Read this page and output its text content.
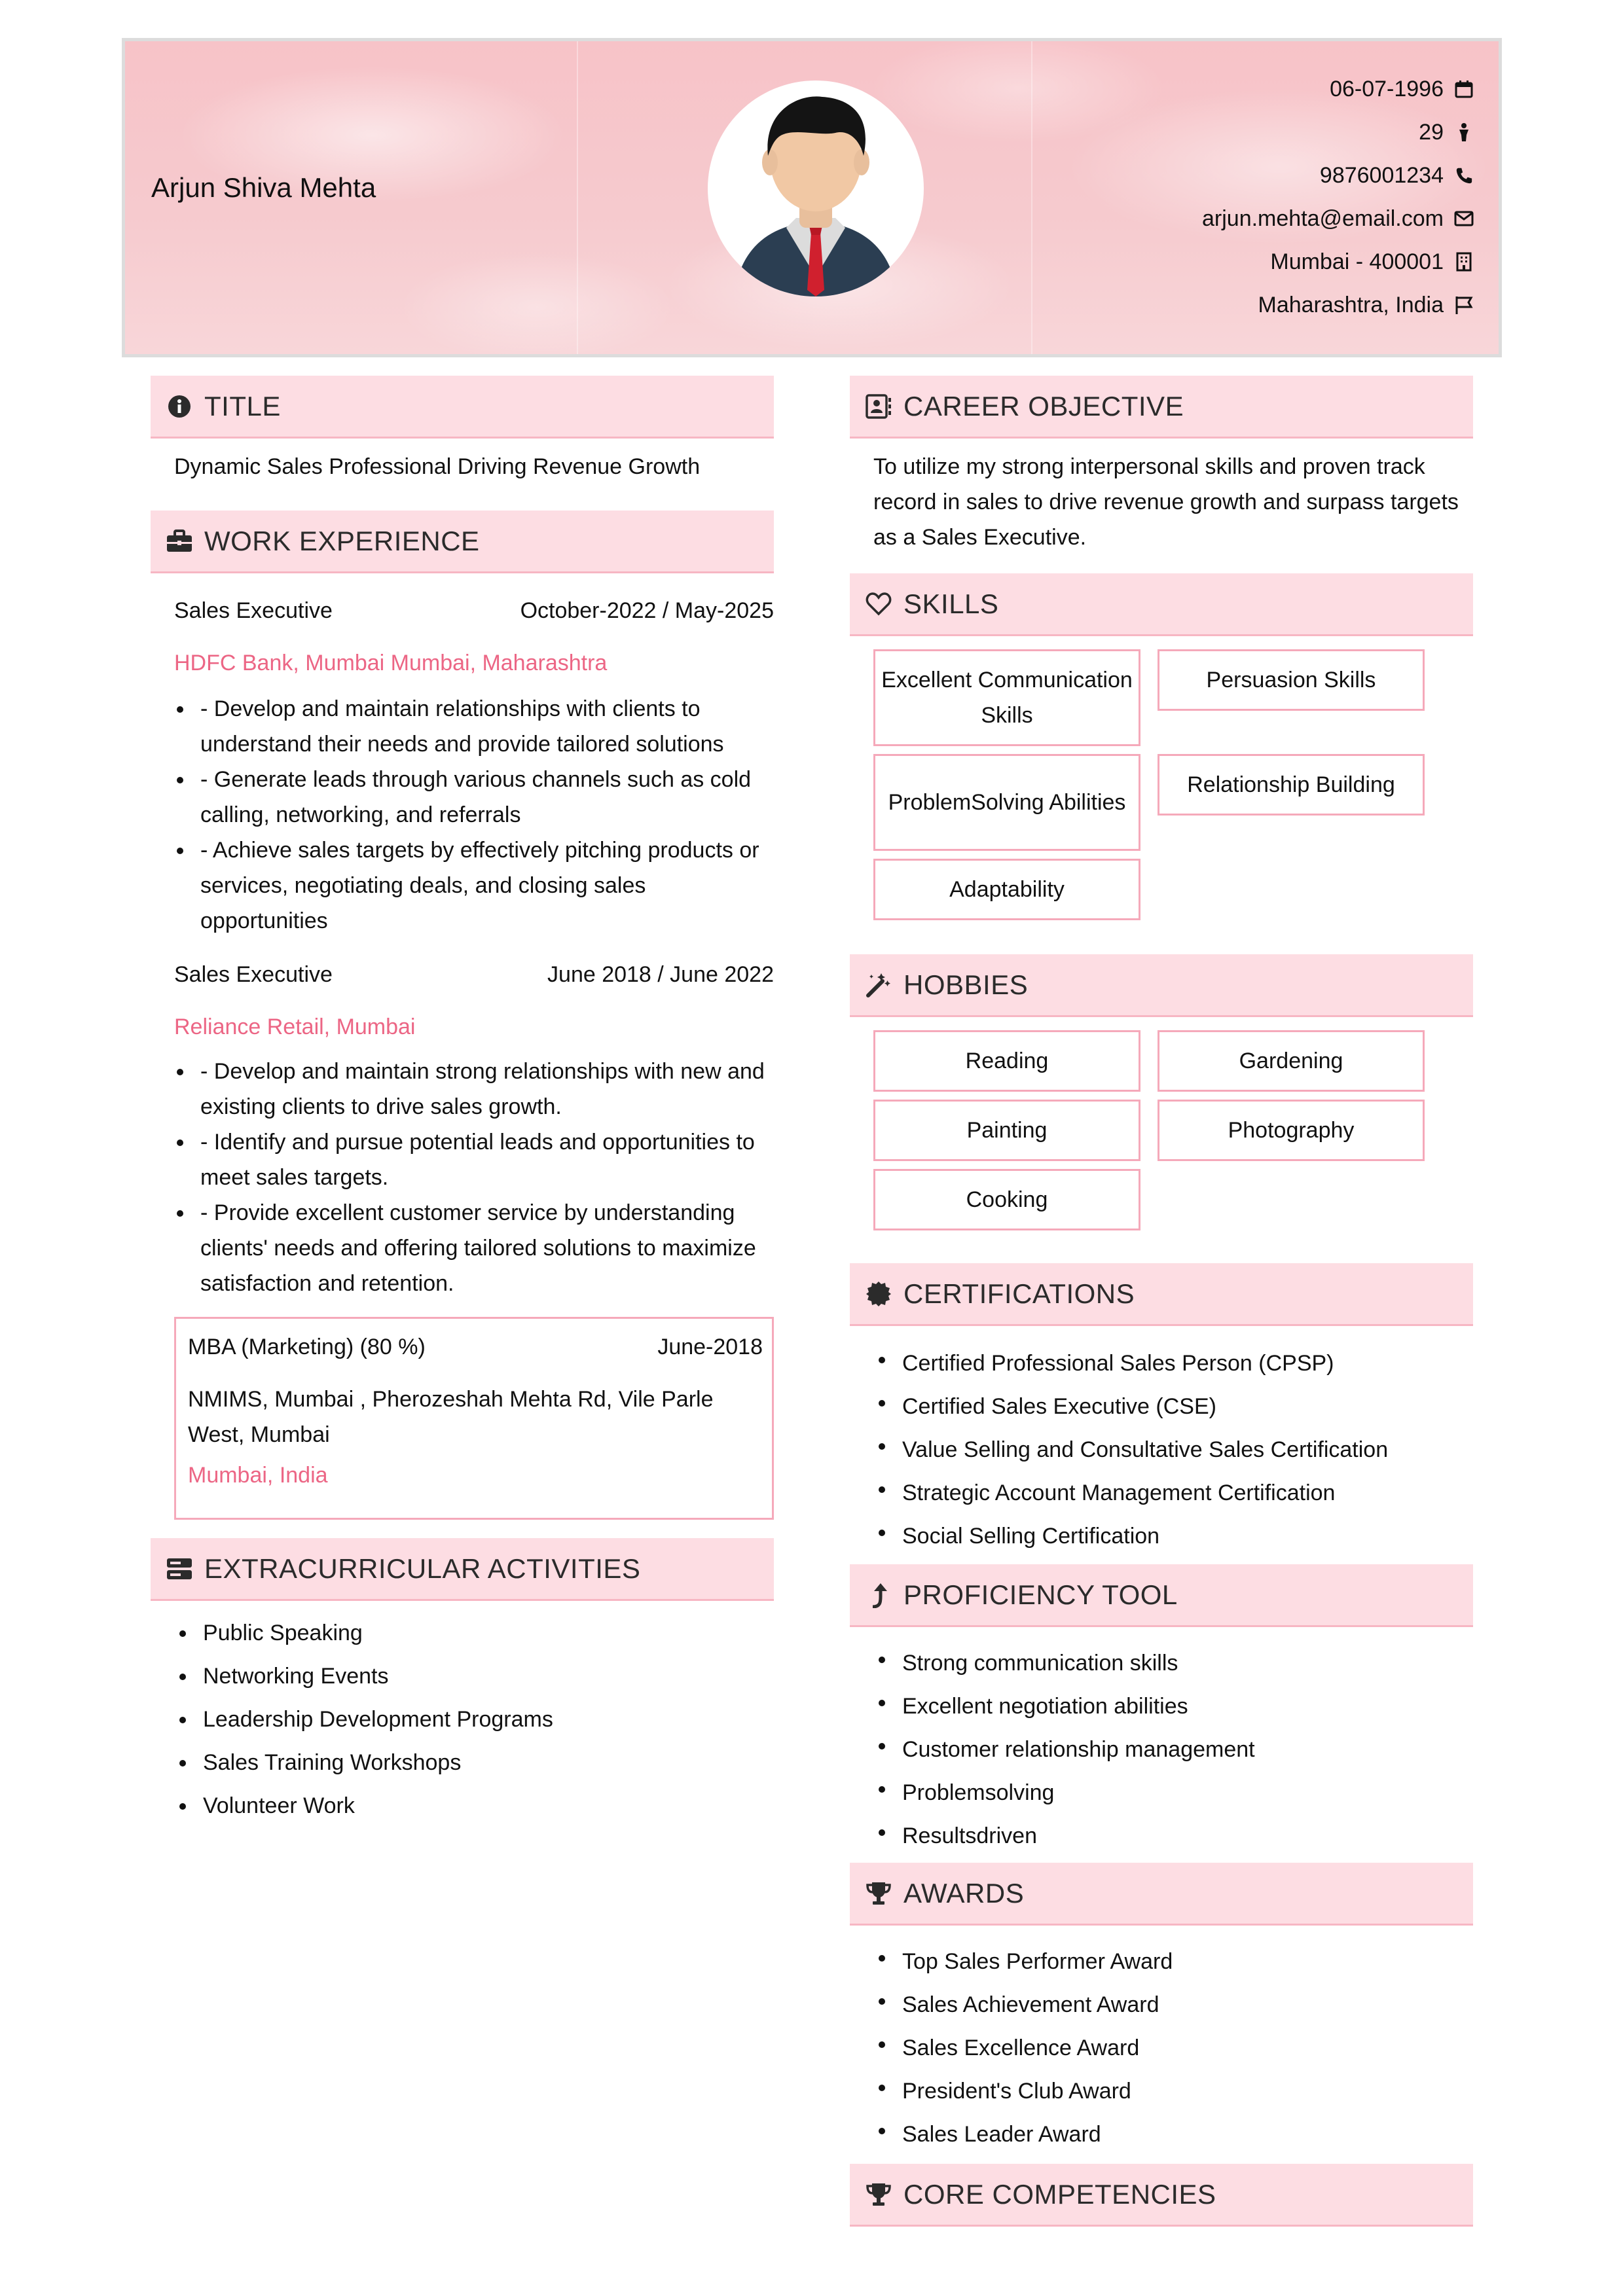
Arjun Shiva Mehta
06-07-1996
29
9876001234
arjun.mehta@email.com
Mumbai - 400001
Maharashtra, India
TITLE
Dynamic Sales Professional Driving Revenue Growth
WORK EXPERIENCE
Sales Executive	October-2022 / May-2025
HDFC Bank, Mumbai Mumbai, Maharashtra
- Develop and maintain relationships with clients to understand their needs and provide tailored solutions
- Generate leads through various channels such as cold calling, networking, and referrals
- Achieve sales targets by effectively pitching products or services, negotiating deals, and closing sales opportunities
Sales Executive	June 2018 / June 2022
Reliance Retail, Mumbai
- Develop and maintain strong relationships with new and existing clients to drive sales growth.
- Identify and pursue potential leads and opportunities to meet sales targets.
- Provide excellent customer service by understanding clients' needs and offering tailored solutions to maximize satisfaction and retention.
MBA (Marketing) (80 %)	June-2018
NMIMS, Mumbai , Pherozeshah Mehta Rd, Vile Parle West, Mumbai
Mumbai, India
EXTRACURRICULAR ACTIVITIES
Public Speaking
Networking Events
Leadership Development Programs
Sales Training Workshops
Volunteer Work
CAREER OBJECTIVE
To utilize my strong interpersonal skills and proven track record in sales to drive revenue growth and surpass targets as a Sales Executive.
SKILLS
Excellent Communication Skills
Persuasion Skills
ProblemSolving Abilities
Relationship Building
Adaptability
HOBBIES
Reading	Gardening
Painting	Photography
Cooking
CERTIFICATIONS
Certified Professional Sales Person (CPSP)
Certified Sales Executive (CSE)
Value Selling and Consultative Sales Certification
Strategic Account Management Certification
Social Selling Certification
PROFICIENCY TOOL
Strong communication skills
Excellent negotiation abilities
Customer relationship management
Problemsolving
Resultsdriven
AWARDS
Top Sales Performer Award
Sales Achievement Award
Sales Excellence Award
President's Club Award
Sales Leader Award
CORE COMPETENCIES
